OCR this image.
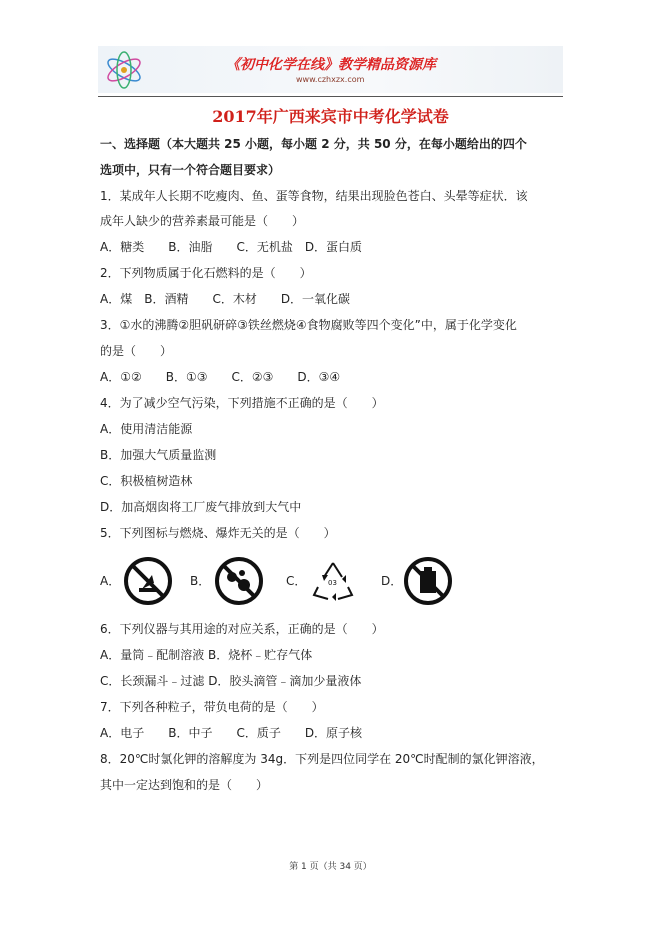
《初中化学在线》教学精品资源库
www.czhxzx.com
2017年广西来宾市中考化学试卷
一、选择题（本大题共 25 小题，每小题 2 分，共 50 分，在每小题给出的四个
选项中，只有一个符合题目要求）
1．某成年人长期不吃瘦肉、鱼、蛋等食物，结果出现脸色苍白、头晕等症状．该
成年人缺少的营养素最可能是（　　）
A．糖类　　B．油脂　　C．无机盐　D．蛋白质
2．下列物质属于化石燃料的是（　　）
A．煤　B．酒精　　C．木材　　D．一氧化碳
3．①水的沸腾②胆矾研碎③铁丝燃烧④食物腐败等四个变化”中，属于化学变化
的是（　　）
A．①②　　B．①③　　C．②③　　D．③④
4．为了减少空气污染，下列措施不正确的是（　　）
A．使用清洁能源
B．加强大气质量监测
C．积极植树造林
D．加高烟囱将工厂废气排放到大气中
5．下列图标与燃烧、爆炸无关的是（　　）
A．	B．	C．	03	D．
6．下列仪器与其用途的对应关系，正确的是（　　）
A．量筒﹣配制溶液 B．烧杯﹣贮存气体
C．长颈漏斗﹣过滤 D．胶头滴管﹣滴加少量液体
7．下列各种粒子，带负电荷的是（　　）
A．电子　　B．中子　　C．质子　　D．原子核
8．20℃时氯化钾的溶解度为 34g．下列是四位同学在 20℃时配制的氯化钾溶液，
其中一定达到饱和的是（　　）
第 1 页（共 34 页）
